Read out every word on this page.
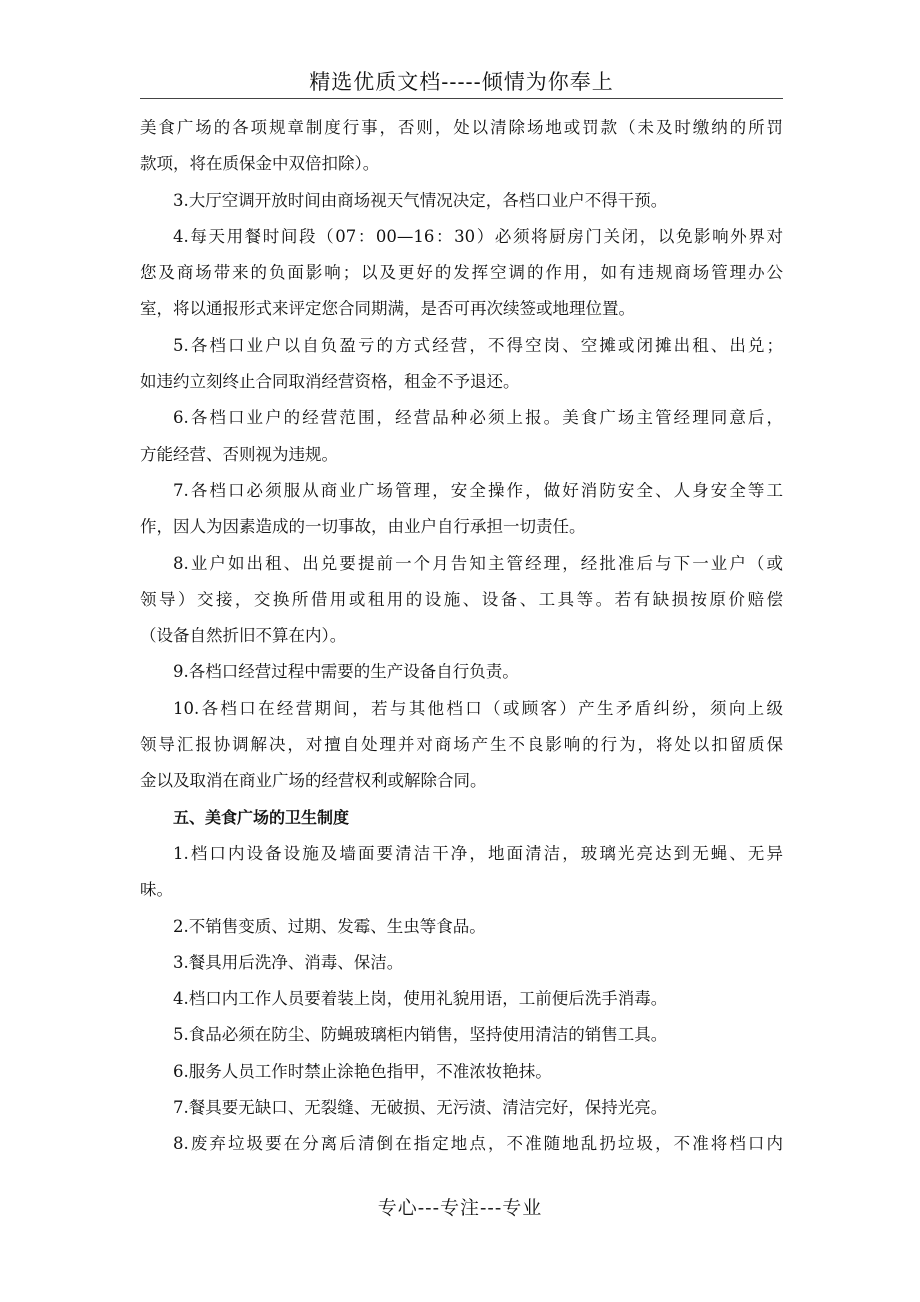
精选优质文档-----倾情为你奉上
美食广场的各项规章制度行事，否则，处以清除场地或罚款（未及时缴纳的所罚
款项，将在质保金中双倍扣除）。
3.大厅空调开放时间由商场视天气情况决定，各档口业户不得干预。
4.每天用餐时间段（07：00—16：30）必须将厨房门关闭，以免影响外界对
您及商场带来的负面影响；以及更好的发挥空调的作用，如有违规商场管理办公
室，将以通报形式来评定您合同期满，是否可再次续签或地理位置。
5.各档口业户以自负盈亏的方式经营，不得空岗、空摊或闭摊出租、出兑；
如违约立刻终止合同取消经营资格，租金不予退还。
6.各档口业户的经营范围，经营品种必须上报。美食广场主管经理同意后，
方能经营、否则视为违规。
7.各档口必须服从商业广场管理，安全操作，做好消防安全、人身安全等工
作，因人为因素造成的一切事故，由业户自行承担一切责任。
8.业户如出租、出兑要提前一个月告知主管经理，经批准后与下一业户（或
领导）交接，交换所借用或租用的设施、设备、工具等。若有缺损按原价赔偿
（设备自然折旧不算在内）。
9.各档口经营过程中需要的生产设备自行负责。
10.各档口在经营期间，若与其他档口（或顾客）产生矛盾纠纷，须向上级
领导汇报协调解决，对擅自处理并对商场产生不良影响的行为，将处以扣留质保
金以及取消在商业广场的经营权利或解除合同。
五、美食广场的卫生制度
1.档口内设备设施及墙面要清洁干净，地面清洁，玻璃光亮达到无蝇、无异
味。
2.不销售变质、过期、发霉、生虫等食品。
3.餐具用后洗净、消毒、保洁。
4.档口内工作人员要着装上岗，使用礼貌用语，工前便后洗手消毒。
5.食品必须在防尘、防蝇玻璃柜内销售，坚持使用清洁的销售工具。
6.服务人员工作时禁止涂艳色指甲，不准浓妆艳抹。
7.餐具要无缺口、无裂缝、无破损、无污渍、清洁完好，保持光亮。
8.废弃垃圾要在分离后清倒在指定地点，不准随地乱扔垃圾，不准将档口内
专心---专注---专业
